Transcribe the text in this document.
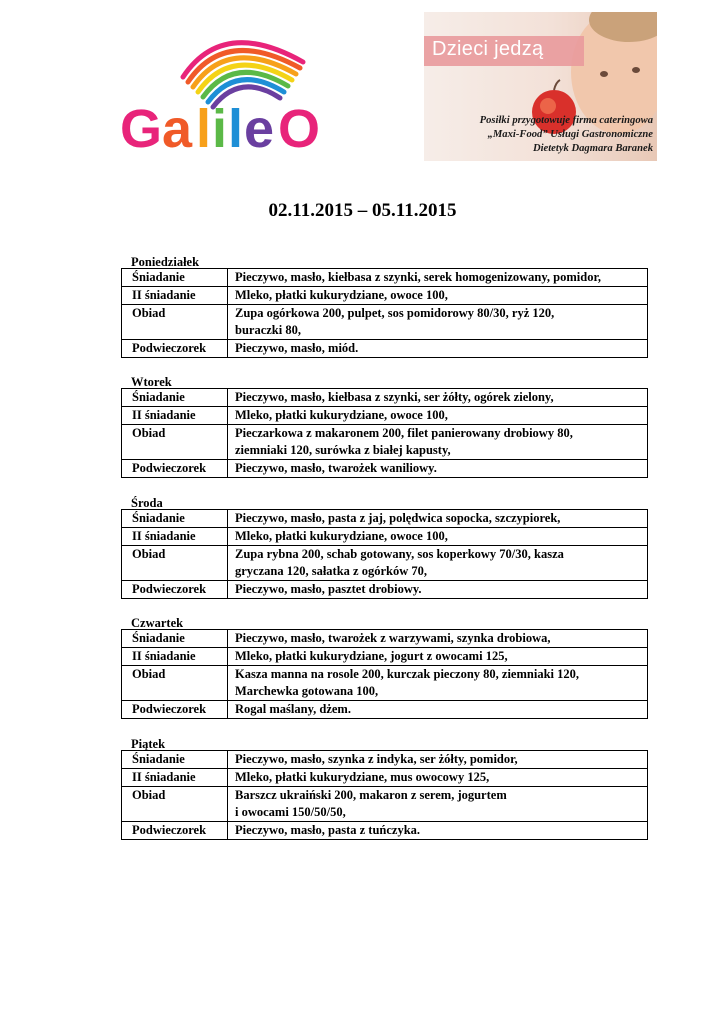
G a l i l e O
Dzieci jedzą
Posiłki przygotowuje firma cateringowa
„Maxi-Food” Usługi Gastronomiczne
Dietetyk Dagmara Baranek
02.11.2015 – 05.11.2015
Poniedziałek
Śniadanie	Pieczywo, masło, kiełbasa z szynki, serek homogenizowany, pomidor,

II śniadanie	Mleko, płatki kukurydziane, owoce 100,

Obiad	Zupa ogórkowa 200, pulpet, sos pomidorowy 80/30, ryż 120,
buraczki 80,

Podwieczorek	Pieczywo, masło, miód.
Wtorek
Śniadanie	Pieczywo, masło, kiełbasa z szynki, ser żółty, ogórek zielony,

II śniadanie	Mleko, płatki kukurydziane, owoce 100,

Obiad	Pieczarkowa z makaronem 200, filet panierowany drobiowy 80,
ziemniaki 120, surówka z białej kapusty,

Podwieczorek	Pieczywo, masło, twarożek waniliowy.
Środa
Śniadanie	Pieczywo, masło, pasta z jaj, polędwica sopocka, szczypiorek,

II śniadanie	Mleko, płatki kukurydziane, owoce 100,

Obiad	Zupa rybna 200, schab gotowany, sos koperkowy 70/30, kasza
gryczana 120, sałatka z ogórków 70,

Podwieczorek	Pieczywo, masło, pasztet drobiowy.
Czwartek
Śniadanie	Pieczywo, masło, twarożek z warzywami, szynka drobiowa,

II śniadanie	Mleko, płatki kukurydziane, jogurt z owocami 125,

Obiad	Kasza manna na rosole 200, kurczak pieczony 80, ziemniaki 120,
Marchewka gotowana 100,

Podwieczorek	Rogal maślany, dżem.
Piątek
Śniadanie	Pieczywo, masło, szynka z indyka, ser żółty, pomidor,

II śniadanie	Mleko, płatki kukurydziane, mus owocowy 125,

Obiad	Barszcz ukraiński 200, makaron z serem, jogurtem
i owocami 150/50/50,

Podwieczorek	Pieczywo, masło, pasta z tuńczyka.
